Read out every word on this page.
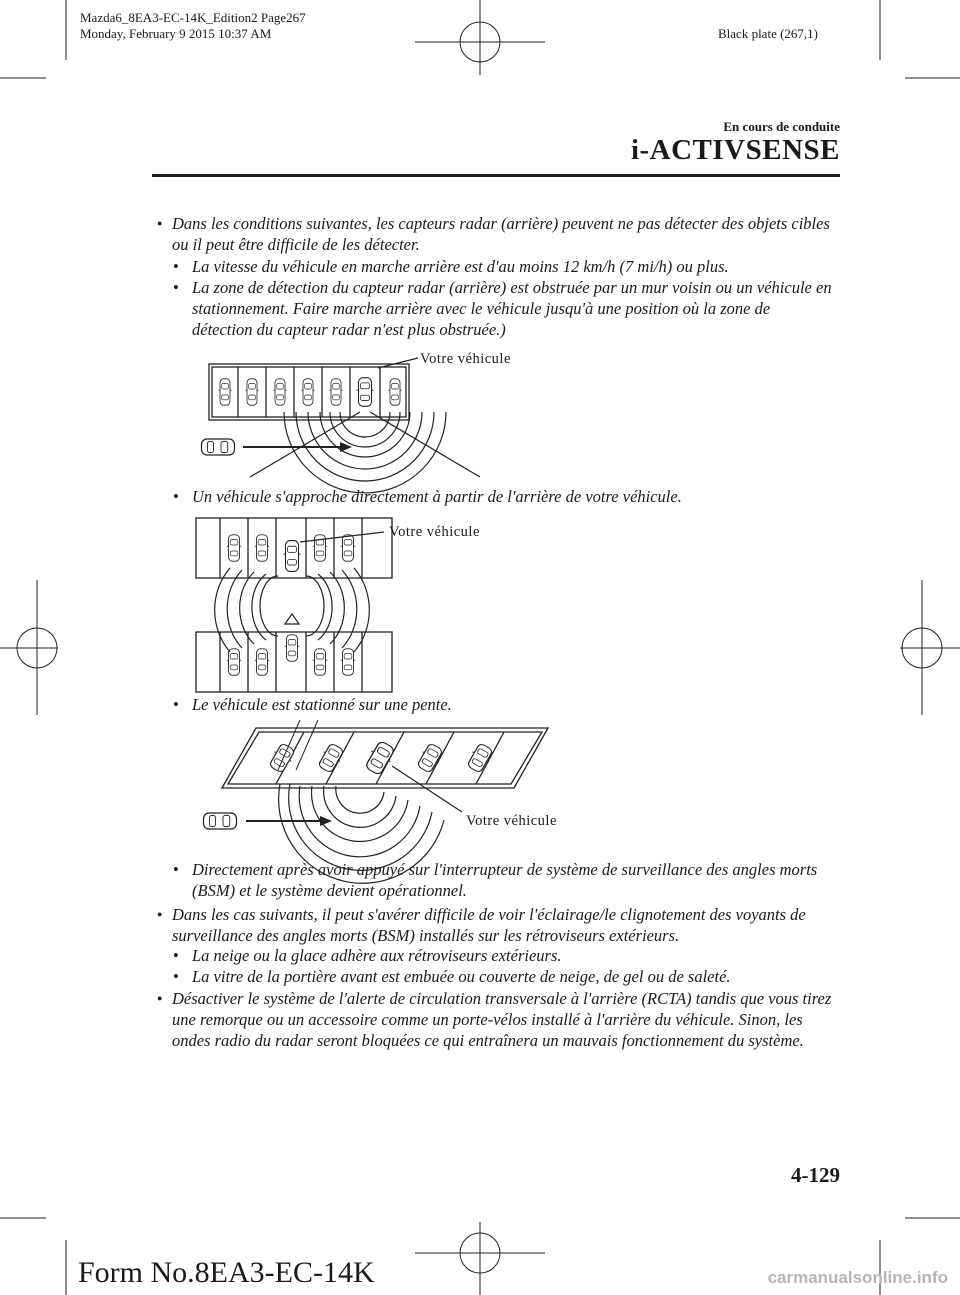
Mazda6_8EA3-EC-14K_Edition2 Page267
Monday, February 9 2015 10:37 AM	Black plate (267,1)
En cours de conduite
i-ACTIVSENSE
● Dans les conditions suivantes, les capteurs radar (arrière) peuvent ne pas détecter des objets cibles ou il peut être difficile de les détecter.
• La vitesse du véhicule en marche arrière est d'au moins 12 km/h (7 mi/h) ou plus.
• La zone de détection du capteur radar (arrière) est obstruée par un mur voisin ou un véhicule en stationnement. Faire marche arrière avec le véhicule jusqu'à une position où la zone de détection du capteur radar n'est plus obstruée.)
Votre véhicule
• Un véhicule s'approche directement à partir de l'arrière de votre véhicule.
Votre véhicule
• Le véhicule est stationné sur une pente.
Votre véhicule
• Directement après avoir appuyé sur l'interrupteur de système de surveillance des angles morts (BSM) et le système devient opérationnel.
● Dans les cas suivants, il peut s'avérer difficile de voir l'éclairage/le clignotement des voyants de surveillance des angles morts (BSM) installés sur les rétroviseurs extérieurs.
• La neige ou la glace adhère aux rétroviseurs extérieurs.
• La vitre de la portière avant est embuée ou couverte de neige, de gel ou de saleté.
● Désactiver le système de l'alerte de circulation transversale à l'arrière (RCTA) tandis que vous tirez une remorque ou un accessoire comme un porte-vélos installé à l'arrière du véhicule. Sinon, les ondes radio du radar seront bloquées ce qui entraînera un mauvais fonctionnement du système.
4-129
Form No.8EA3-EC-14K	carmanualsonline.info
